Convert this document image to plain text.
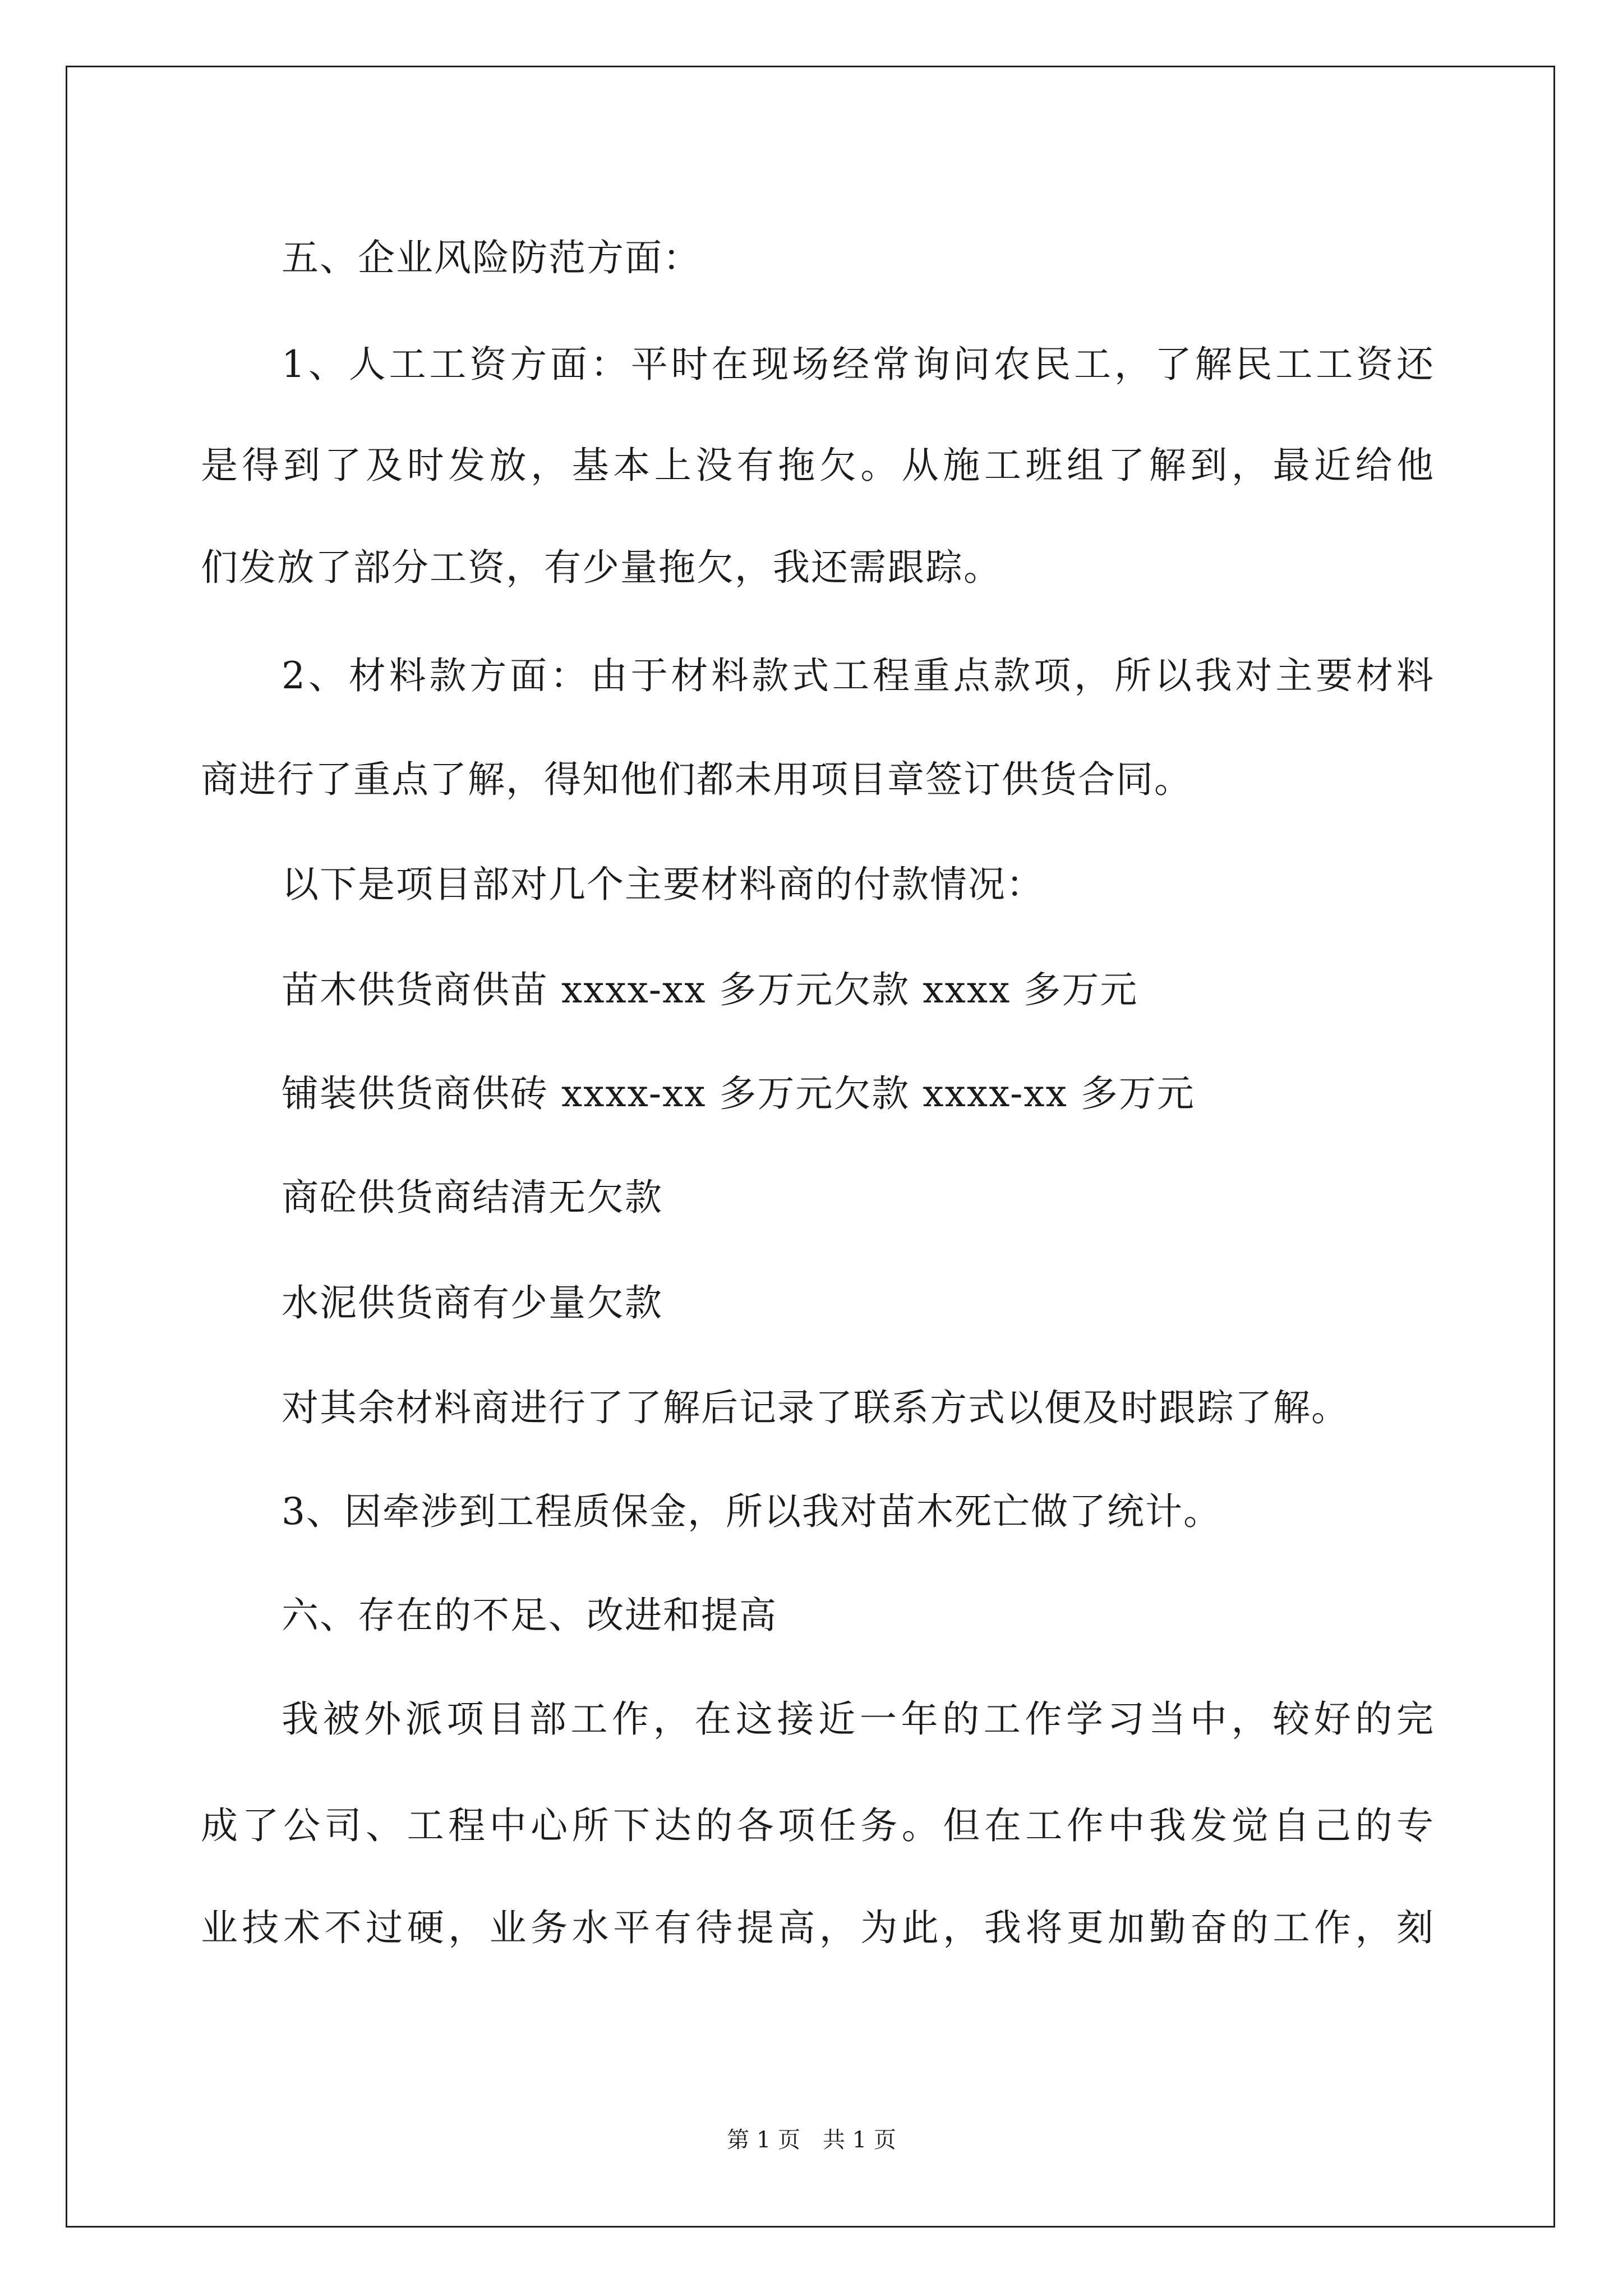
五、企业风险防范方面：
1、人工工资方面：平时在现场经常询问农民工，了解民工工资还
是得到了及时发放，基本上没有拖欠。从施工班组了解到，最近给他
们发放了部分工资，有少量拖欠，我还需跟踪。
2、材料款方面：由于材料款式工程重点款项，所以我对主要材料
商进行了重点了解，得知他们都未用项目章签订供货合同。
以下是项目部对几个主要材料商的付款情况：
苗木供货商供苗 xxxx-xx 多万元欠款 xxxx 多万元
铺装供货商供砖 xxxx-xx 多万元欠款 xxxx-xx 多万元
商砼供货商结清无欠款
水泥供货商有少量欠款
对其余材料商进行了了解后记录了联系方式以便及时跟踪了解。
3、因牵涉到工程质保金，所以我对苗木死亡做了统计。
六、存在的不足、改进和提高
我被外派项目部工作，在这接近一年的工作学习当中，较好的完
成了公司、工程中心所下达的各项任务。但在工作中我发觉自己的专
业技术不过硬，业务水平有待提高，为此，我将更加勤奋的工作，刻
第 1 页　共 1 页
